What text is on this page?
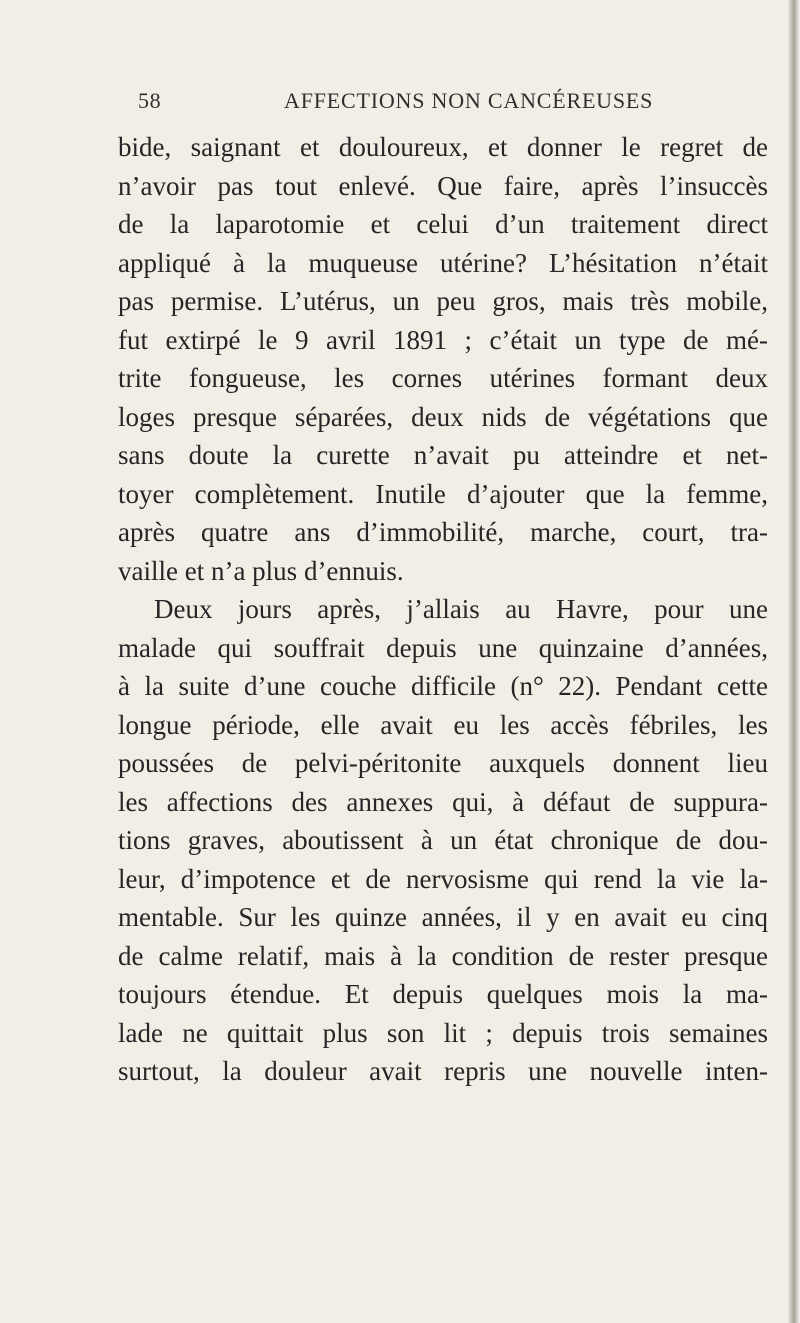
58	AFFECTIONS NON CANCÉREUSES
bide, saignant et douloureux, et donner le regret de
n’avoir pas tout enlevé. Que faire, après l’insuccès
de la laparotomie et celui d’un traitement direct
appliqué à la muqueuse utérine? L’hésitation n’était
pas permise. L’utérus, un peu gros, mais très mobile,
fut extirpé le 9 avril 1891 ; c’était un type de mé-
trite fongueuse, les cornes utérines formant deux
loges presque séparées, deux nids de végétations que
sans doute la curette n’avait pu atteindre et net-
toyer complètement. Inutile d’ajouter que la femme,
après quatre ans d’immobilité, marche, court, tra-
vaille et n’a plus d’ennuis.
Deux jours après, j’allais au Havre, pour une
malade qui souffrait depuis une quinzaine d’années,
à la suite d’une couche difficile (n° 22). Pendant cette
longue période, elle avait eu les accès fébriles, les
poussées de pelvi-péritonite auxquels donnent lieu
les affections des annexes qui, à défaut de suppura-
tions graves, aboutissent à un état chronique de dou-
leur, d’impotence et de nervosisme qui rend la vie la-
mentable. Sur les quinze années, il y en avait eu cinq
de calme relatif, mais à la condition de rester presque
toujours étendue. Et depuis quelques mois la ma-
lade ne quittait plus son lit ; depuis trois semaines
surtout, la douleur avait repris une nouvelle inten-
